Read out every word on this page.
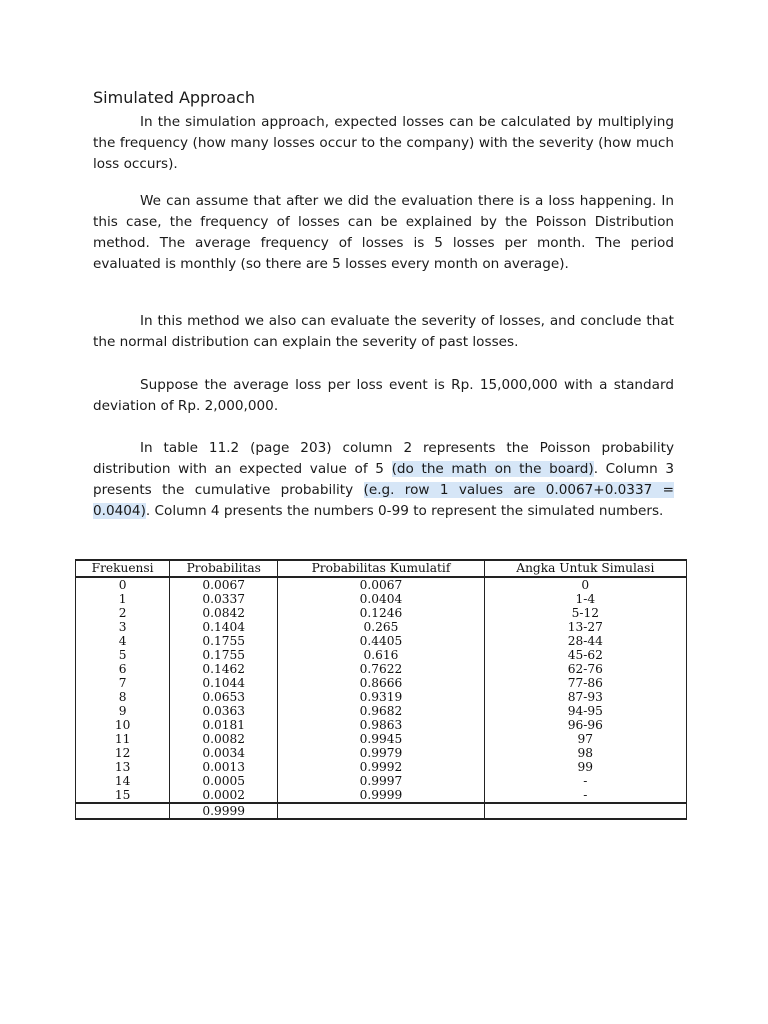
Simulated Approach

In the simulation approach, expected losses can be calculated by multiplying the frequency (how many losses occur to the company) with the severity (how much loss occurs).

We can assume that after we did the evaluation there is a loss happening. In this case, the frequency of losses can be explained by the Poisson Distribution method. The average frequency of losses is 5 losses per month. The period evaluated is monthly (so there are 5 losses every month on average).

In this method we also can evaluate the severity of losses, and conclude that the normal distribution can explain the severity of past losses.

Suppose the average loss per loss event is Rp. 15,000,000 with a standard deviation of Rp. 2,000,000.

In table 11.2 (page 203) column 2 represents the Poisson probability distribution with an expected value of 5 (do the math on the board). Column 3 presents the cumulative probability (e.g. row 1 values are 0.0067+0.0337 = 0.0404). Column 4 presents the numbers 0-99 to represent the simulated numbers.

Frekuensi	Probabilitas	Probabilitas Kumulatif	Angka Untuk Simulasi
0	0.0067	0.0067	0
1	0.0337	0.0404	1-4
2	0.0842	0.1246	5-12
3	0.1404	0.265	13-27
4	0.1755	0.4405	28-44
5	0.1755	0.616	45-62
6	0.1462	0.7622	62-76
7	0.1044	0.8666	77-86
8	0.0653	0.9319	87-93
9	0.0363	0.9682	94-95
10	0.0181	0.9863	96-96
11	0.0082	0.9945	97
12	0.0034	0.9979	98
13	0.0013	0.9992	99
14	0.0005	0.9997	-
15	0.0002	0.9999	-
	0.9999		
